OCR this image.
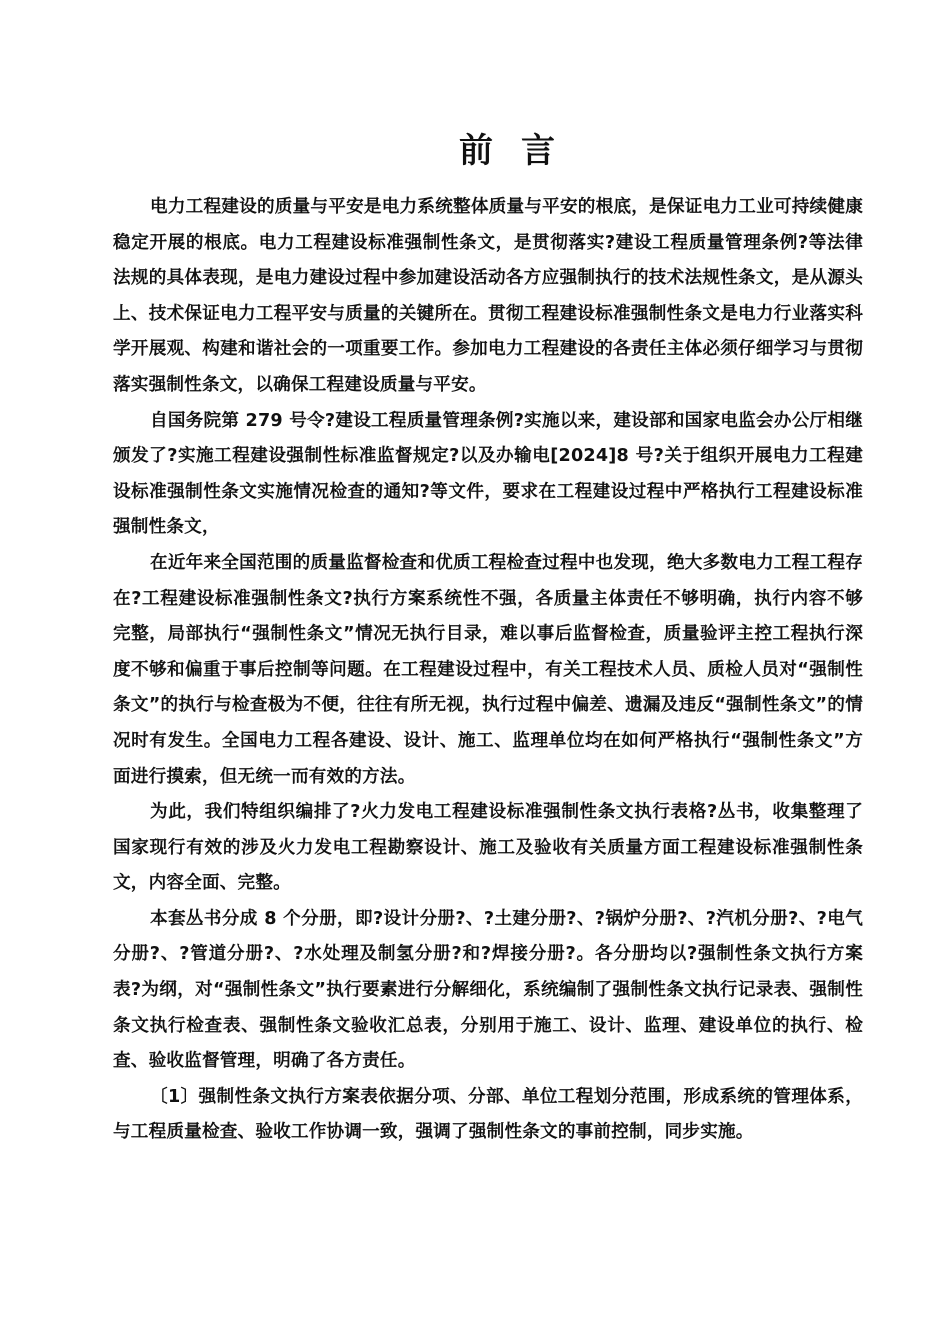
前言

电力工程建设的质量与平安是电力系统整体质量与平安的根底，是保证电力工业可持续健康稳定开展的根底。电力工程建设标准强制性条文，是贯彻落实?建设工程质量管理条例?等法律法规的具体表现，是电力建设过程中参加建设活动各方应强制执行的技术法规性条文，是从源头上、技术保证电力工程平安与质量的关键所在。贯彻工程建设标准强制性条文是电力行业落实科学开展观、构建和谐社会的一项重要工作。参加电力工程建设的各责任主体必须仔细学习与贯彻落实强制性条文，以确保工程建设质量与平安。

自国务院第 279 号令?建设工程质量管理条例?实施以来，建设部和国家电监会办公厅相继颁发了?实施工程建设强制性标准监督规定?以及办输电[2024]8 号?关于组织开展电力工程建设标准强制性条文实施情况检查的通知?等文件，要求在工程建设过程中严格执行工程建设标准强制性条文，

在近年来全国范围的质量监督检查和优质工程检查过程中也发现，绝大多数电力工程工程存在?工程建设标准强制性条文?执行方案系统性不强，各质量主体责任不够明确，执行内容不够完整，局部执行“强制性条文”情况无执行目录，难以事后监督检查，质量验评主控工程执行深度不够和偏重于事后控制等问题。在工程建设过程中，有关工程技术人员、质检人员对“强制性条文”的执行与检查极为不便，往往有所无视，执行过程中偏差、遗漏及违反“强制性条文”的情况时有发生。全国电力工程各建设、设计、施工、监理单位均在如何严格执行“强制性条文”方面进行摸索，但无统一而有效的方法。

为此，我们特组织编排了?火力发电工程建设标准强制性条文执行表格?丛书，收集整理了国家现行有效的涉及火力发电工程勘察设计、施工及验收有关质量方面工程建设标准强制性条文，内容全面、完整。

本套丛书分成 8 个分册，即?设计分册?、?土建分册?、?锅炉分册?、?汽机分册?、?电气分册?、?管道分册?、?水处理及制氢分册?和?焊接分册?。各分册均以?强制性条文执行方案表?为纲，对“强制性条文”执行要素进行分解细化，系统编制了强制性条文执行记录表、强制性条文执行检查表、强制性条文验收汇总表，分别用于施工、设计、监理、建设单位的执行、检查、验收监督管理，明确了各方责任。

〔1〕强制性条文执行方案表依据分项、分部、单位工程划分范围，形成系统的管理体系，与工程质量检查、验收工作协调一致，强调了强制性条文的事前控制，同步实施。
